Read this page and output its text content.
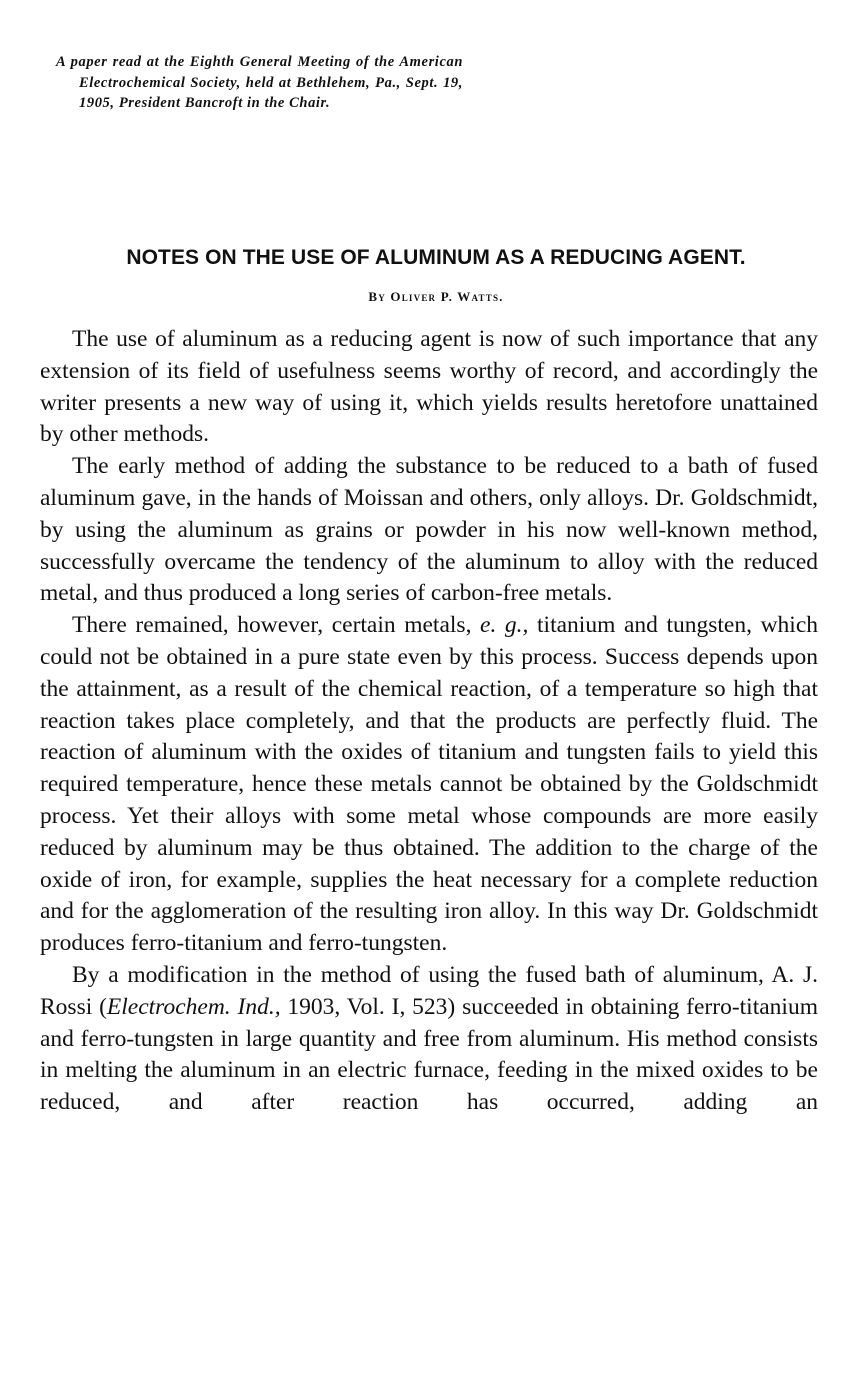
A paper read at the Eighth General Meeting of the American Electrochemical Society, held at Bethlehem, Pa., Sept. 19, 1905, President Bancroft in the Chair.

NOTES ON THE USE OF ALUMINUM AS A REDUCING AGENT.

By Oliver P. Watts.

The use of aluminum as a reducing agent is now of such importance that any extension of its field of usefulness seems worthy of record, and accordingly the writer presents a new way of using it, which yields results heretofore unattained by other methods.

The early method of adding the substance to be reduced to a bath of fused aluminum gave, in the hands of Moissan and others, only alloys. Dr. Goldschmidt, by using the aluminum as grains or powder in his now well-known method, successfully overcame the tendency of the aluminum to alloy with the reduced metal, and thus produced a long series of carbon-free metals.

There remained, however, certain metals, e. g., titanium and tungsten, which could not be obtained in a pure state even by this process. Success depends upon the attainment, as a result of the chemical reaction, of a temperature so high that reaction takes place completely, and that the products are perfectly fluid. The reaction of aluminum with the oxides of titanium and tungsten fails to yield this required temperature, hence these metals cannot be obtained by the Goldschmidt process. Yet their alloys with some metal whose compounds are more easily reduced by aluminum may be thus obtained. The addition to the charge of the oxide of iron, for example, supplies the heat necessary for a complete reduction and for the agglomeration of the resulting iron alloy. In this way Dr. Goldschmidt produces ferro-titanium and ferro-tungsten.

By a modification in the method of using the fused bath of aluminum, A. J. Rossi (Electrochem. Ind., 1903, Vol. I, 523) succeeded in obtaining ferro-titanium and ferro-tungsten in large quantity and free from aluminum. His method consists in melting the aluminum in an electric furnace, feeding in the mixed oxides to be reduced, and after reaction has occurred, adding an
